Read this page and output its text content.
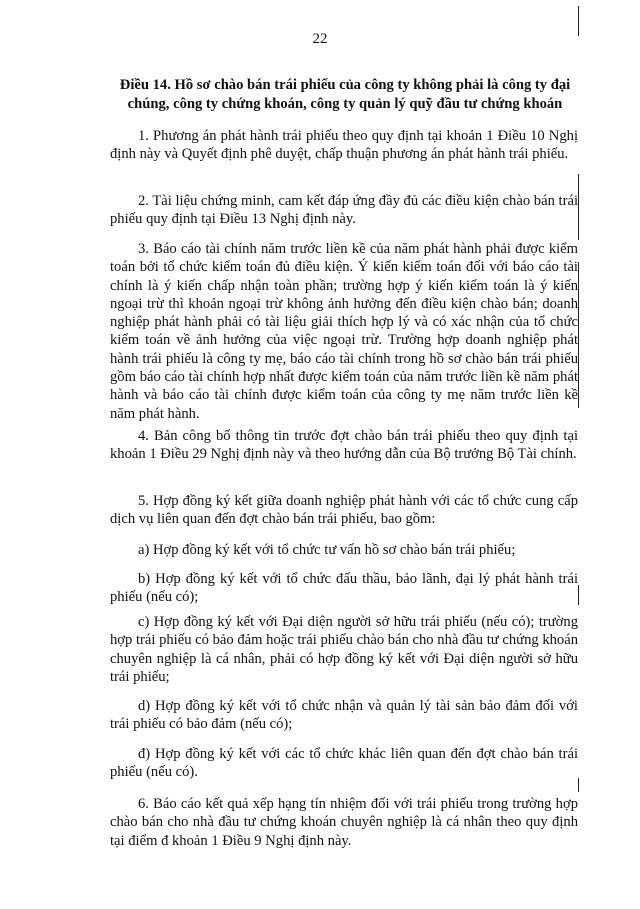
22
Điều 14. Hồ sơ chào bán trái phiếu của công ty không phải là công ty đại chúng, công ty chứng khoán, công ty quản lý quỹ đầu tư chứng khoán

1. Phương án phát hành trái phiếu theo quy định tại khoản 1 Điều 10 Nghị định này và Quyết định phê duyệt, chấp thuận phương án phát hành trái phiếu.

2. Tài liệu chứng minh, cam kết đáp ứng đầy đủ các điều kiện chào bán trái phiếu quy định tại Điều 13 Nghị định này.

3. Báo cáo tài chính năm trước liền kề của năm phát hành phải được kiểm toán bởi tổ chức kiểm toán đủ điều kiện. Ý kiến kiểm toán đối với báo cáo tài chính là ý kiến chấp nhận toàn phần; trường hợp ý kiến kiểm toán là ý kiến ngoại trừ thì khoản ngoại trừ không ảnh hưởng đến điều kiện chào bán; doanh nghiệp phát hành phải có tài liệu giải thích hợp lý và có xác nhận của tổ chức kiểm toán về ảnh hưởng của việc ngoại trừ. Trường hợp doanh nghiệp phát hành trái phiếu là công ty mẹ, báo cáo tài chính trong hồ sơ chào bán trái phiếu gồm báo cáo tài chính hợp nhất được kiểm toán của năm trước liền kề năm phát hành và báo cáo tài chính được kiểm toán của công ty mẹ năm trước liền kề năm phát hành.

4. Bản công bố thông tin trước đợt chào bán trái phiếu theo quy định tại khoản 1 Điều 29 Nghị định này và theo hướng dẫn của Bộ trưởng Bộ Tài chính.

5. Hợp đồng ký kết giữa doanh nghiệp phát hành với các tổ chức cung cấp dịch vụ liên quan đến đợt chào bán trái phiếu, bao gồm:

a) Hợp đồng ký kết với tổ chức tư vấn hồ sơ chào bán trái phiếu;

b) Hợp đồng ký kết với tổ chức đấu thầu, bảo lãnh, đại lý phát hành trái phiếu (nếu có);

c) Hợp đồng ký kết với Đại diện người sở hữu trái phiếu (nếu có); trường hợp trái phiếu có bảo đảm hoặc trái phiếu chào bán cho nhà đầu tư chứng khoán chuyên nghiệp là cá nhân, phải có hợp đồng ký kết với Đại diện người sở hữu trái phiếu;

d) Hợp đồng ký kết với tổ chức nhận và quản lý tài sản bảo đảm đối với trái phiếu có bảo đảm (nếu có);

đ) Hợp đồng ký kết với các tổ chức khác liên quan đến đợt chào bán trái phiếu (nếu có).

6. Báo cáo kết quả xếp hạng tín nhiệm đối với trái phiếu trong trường hợp chào bán cho nhà đầu tư chứng khoán chuyên nghiệp là cá nhân theo quy định tại điểm đ khoản 1 Điều 9 Nghị định này.
